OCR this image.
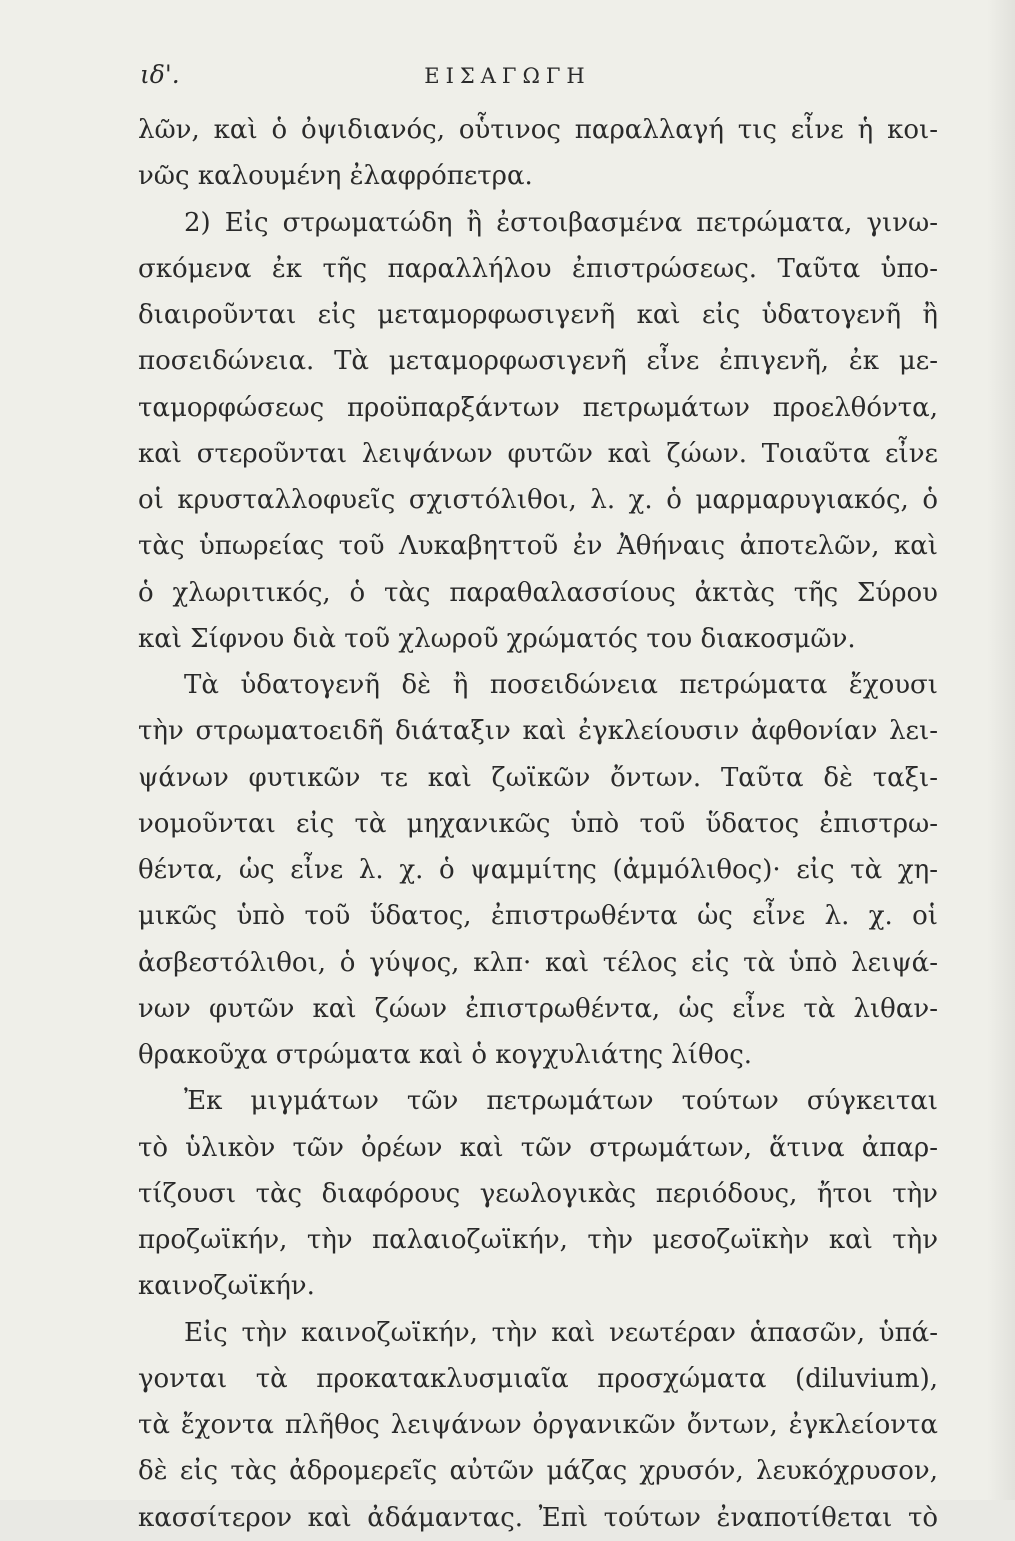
ιδ'.	ΕΙΣΑΓΩΓΗ
λῶν, καὶ ὁ ὀψιδιανός, οὗτινος παραλλαγή τις εἶνε ἡ κοι-
νῶς καλουμένη ἐλαφρόπετρα.
2) Εἰς στρωματώδη ἢ ἐστοιβασμένα πετρώματα, γινω-
σκόμενα ἐκ τῆς παραλλήλου ἐπιστρώσεως. Ταῦτα ὑπο-
διαιροῦνται εἰς μεταμορφωσιγενῆ καὶ εἰς ὑδατογενῆ ἢ
ποσειδώνεια. Τὰ μεταμορφωσιγενῆ εἶνε ἐπιγενῆ, ἐκ με-
ταμορφώσεως προϋπαρξάντων πετρωμάτων προελθόντα,
καὶ στεροῦνται λειψάνων φυτῶν καὶ ζώων. Τοιαῦτα εἶνε
οἱ κρυσταλλοφυεῖς σχιστόλιθοι, λ. χ. ὁ μαρμαρυγιακός, ὁ
τὰς ὑπωρείας τοῦ Λυκαβηττοῦ ἐν Ἀθήναις ἀποτελῶν, καὶ
ὁ χλωριτικός, ὁ τὰς παραθαλασσίους ἀκτὰς τῆς Σύρου
καὶ Σίφνου διὰ τοῦ χλωροῦ χρώματός του διακοσμῶν.
Τὰ ὑδατογενῆ δὲ ἢ ποσειδώνεια πετρώματα ἔχουσι
τὴν στρωματοειδῆ διάταξιν καὶ ἐγκλείουσιν ἀφθονίαν λει-
ψάνων φυτικῶν τε καὶ ζωϊκῶν ὄντων. Ταῦτα δὲ ταξι-
νομοῦνται εἰς τὰ μηχανικῶς ὑπὸ τοῦ ὕδατος ἐπιστρω-
θέντα, ὡς εἶνε λ. χ. ὁ ψαμμίτης (ἀμμόλιθος)· εἰς τὰ χη-
μικῶς ὑπὸ τοῦ ὕδατος, ἐπιστρωθέντα ὡς εἶνε λ. χ. οἱ
ἀσβεστόλιθοι, ὁ γύψος, κλπ· καὶ τέλος εἰς τὰ ὑπὸ λειψά-
νων φυτῶν καὶ ζώων ἐπιστρωθέντα, ὡς εἶνε τὰ λιθαν-
θρακοῦχα στρώματα καὶ ὁ κογχυλιάτης λίθος.
Ἐκ μιγμάτων τῶν πετρωμάτων τούτων σύγκειται
τὸ ὑλικὸν τῶν ὀρέων καὶ τῶν στρωμάτων, ἅτινα ἀπαρ-
τίζουσι τὰς διαφόρους γεωλογικὰς περιόδους, ἤτοι τὴν
προζωϊκήν, τὴν παλαιοζωϊκήν, τὴν μεσοζωϊκὴν καὶ τὴν
καινοζωϊκήν.
Εἰς τὴν καινοζωϊκήν, τὴν καὶ νεωτέραν ἁπασῶν, ὑπά-
γονται τὰ προκατακλυσμιαῖα προσχώματα (diluvium),
τὰ ἔχοντα πλῆθος λειψάνων ὀργανικῶν ὄντων, ἐγκλείοντα
δὲ εἰς τὰς ἀδρομερεῖς αὐτῶν μάζας χρυσόν, λευκόχρυσον,
κασσίτερον καὶ ἀδάμαντας. Ἐπὶ τούτων ἐναποτίθεται τὸ
